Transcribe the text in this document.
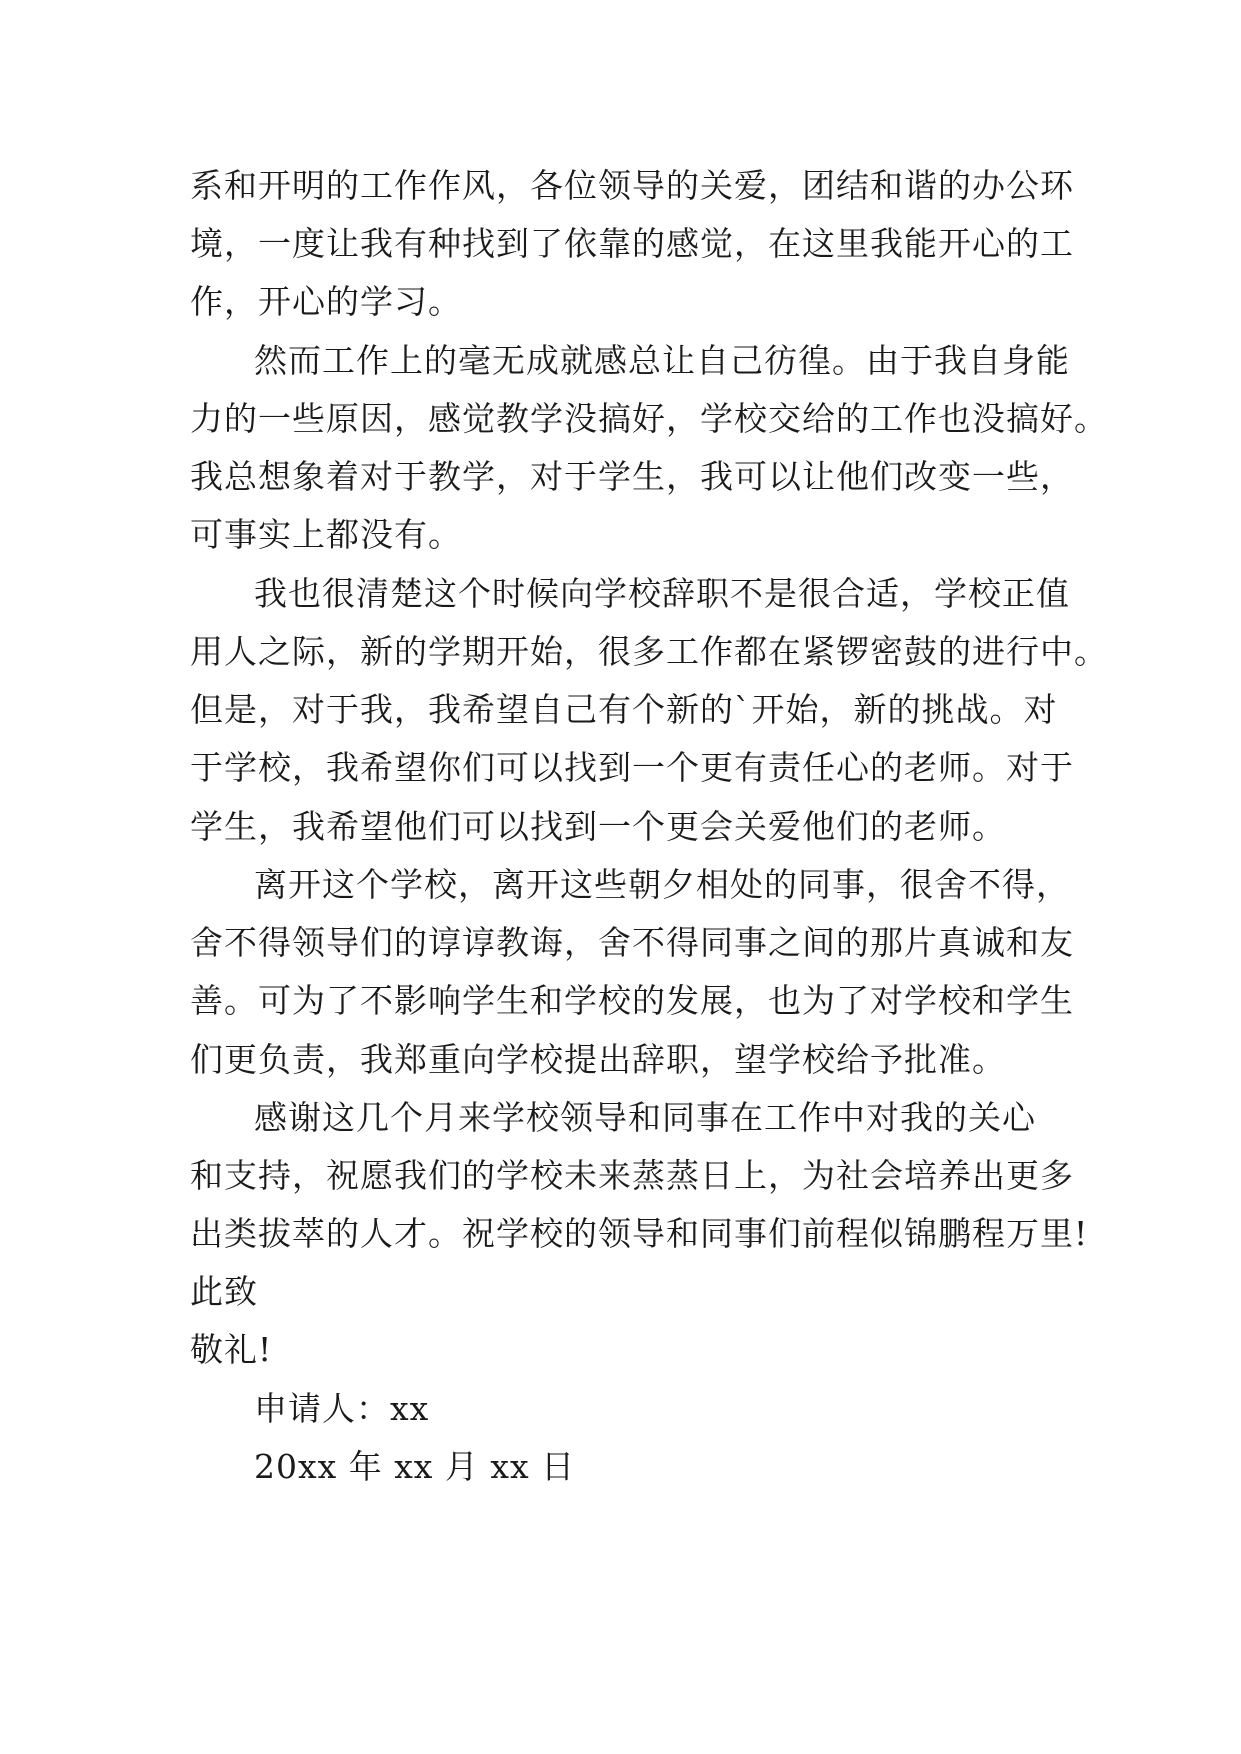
系和开明的工作作风，各位领导的关爱，团结和谐的办公环
境，一度让我有种找到了依靠的感觉，在这里我能开心的工
作，开心的学习。
然而工作上的毫无成就感总让自己彷徨。由于我自身能
力的一些原因，感觉教学没搞好，学校交给的工作也没搞好。
我总想象着对于教学，对于学生，我可以让他们改变一些，
可事实上都没有。
我也很清楚这个时候向学校辞职不是很合适，学校正值
用人之际，新的学期开始，很多工作都在紧锣密鼓的进行中。
但是，对于我，我希望自己有个新的`开始，新的挑战。对
于学校，我希望你们可以找到一个更有责任心的老师。对于
学生，我希望他们可以找到一个更会关爱他们的老师。
离开这个学校，离开这些朝夕相处的同事，很舍不得，
舍不得领导们的谆谆教诲，舍不得同事之间的那片真诚和友
善。可为了不影响学生和学校的发展，也为了对学校和学生
们更负责，我郑重向学校提出辞职，望学校给予批准。
感谢这几个月来学校领导和同事在工作中对我的关心
和支持，祝愿我们的学校未来蒸蒸日上，为社会培养出更多
出类拔萃的人才。祝学校的领导和同事们前程似锦鹏程万里!
此致
敬礼!
申请人：xx
20xx 年 xx 月 xx 日
